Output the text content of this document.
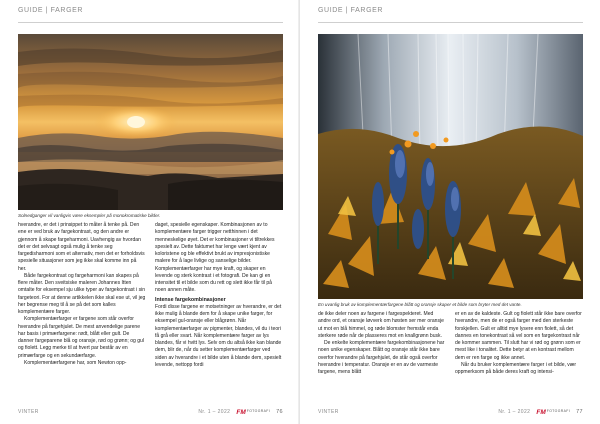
GUIDE | FARGER
Solnedganger vil vanligvis være eksempler på monokromatiske bilder.

hverandre, er det i prinsippet to måter å tenke på. Den ene er ved bruk av fargekontrast, og den andre er gjennom å skape fargeharmoni. Uavhengig av hvordan det er det selvsagt også mulig å tenke seg fargedisharmoni som et alternativ, men det er forholdsvis spesielle situasjoner som jeg ikke skal komme inn på her.

Både fargekontrast og fargeharmoni kan skapes på flere måter. Den sveitsiske maleren Johannes Itten omtalte for eksempel sju ulike typer av fargekontrast i sin fargeteori. For at denne artikkelen ikke skal ese ut, vil jeg her begrense meg til å se på det som kalles komplementære farger.

Komplementærfarger er fargene som står overfor hverandre på fargehjulet. De mest anvendelige parene har basis i primærfargene: rødt, blått eller gult. De danner fargeparene blå og oransje, rød og grønn; og gul og fiolett. Legg merke til at hvert par består av en primærfarge og en sekundærfarge.

Komplementærfargene har, som Newton opp-

daget, spesielle egenskaper. Kombinasjonen av to komplementære farger trigger netthinnen i det menneskelige øyet. Det er kombinasjoner vi tiltrekkes spesielt av. Dette faktumet har lenge vært kjent av koloristene og ble effektivt brukt av impresjonistiske malere for å lage livlige og sanselige bilder. Komplementærfarger har mye kraft, og skaper en levende og sterk kontrast i et fotografi. De kan gi en intensitet til et bilde som du rett og slett ikke får til på noen annen måte.

Intense fargekombinasjoner

Fordi disse fargene er motsetninger av hverandre, er det ikke mulig å blande dem for å skape unike farger, for eksempel gul-oransje eller blågrønn. Når komplementærfarger av pigmenter, blandes, vil du i teori få grå eller svart. Når komplementære farger av lys blandes, får vi hvitt lys. Selv om du altså ikke kan blande dem, blir de, når du setter komplementærfarger ved siden av hverandre i et bilde uten å blande dem, spesielt levende, nettopp fordi

VINTER	Nr. 1 – 2022 FM FOTOGRAFI 76
GUIDE | FARGER
En uvanlig bruk av komplementærfargene blått og oransje skaper et bilde som bryter med det vante.

de ikke deler noen av fargene i fargespekteret. Med andre ord, et oransje løvverk om høsten ser mer oransje ut mot en blå himmel, og røde blomster fremstår enda sterkere røde når de plasseres mot en knallgrønn busk.

De enkelte komplementære fargekombinasjonene har noen unike egenskaper. Blått og oransje står ikke bare overfor hverandre på fargehjulet, de står også overfor hverandre i temperatur. Oransje er en av de varmeste fargene, mens blått

er en av de kaldeste. Gult og fiolett står ikke bare overfor hverandre, men de er også farger med den sterkeste forskjellen. Gult er alltid mye lysere enn fiolett, så det dannes en tonekontrast så vel som en fargekontrast når de kommer sammen. Til slutt har vi rød og grønn som er mest like i tonalitet. Dette betyr at en kontrast mellom dem er ren farge og ikke annet.

Når du bruker komplementære farger i et bilde, vær oppmerksom på både deres kraft og intensi-

VINTER	Nr. 1 – 2022 FM FOTOGRAFI 77
